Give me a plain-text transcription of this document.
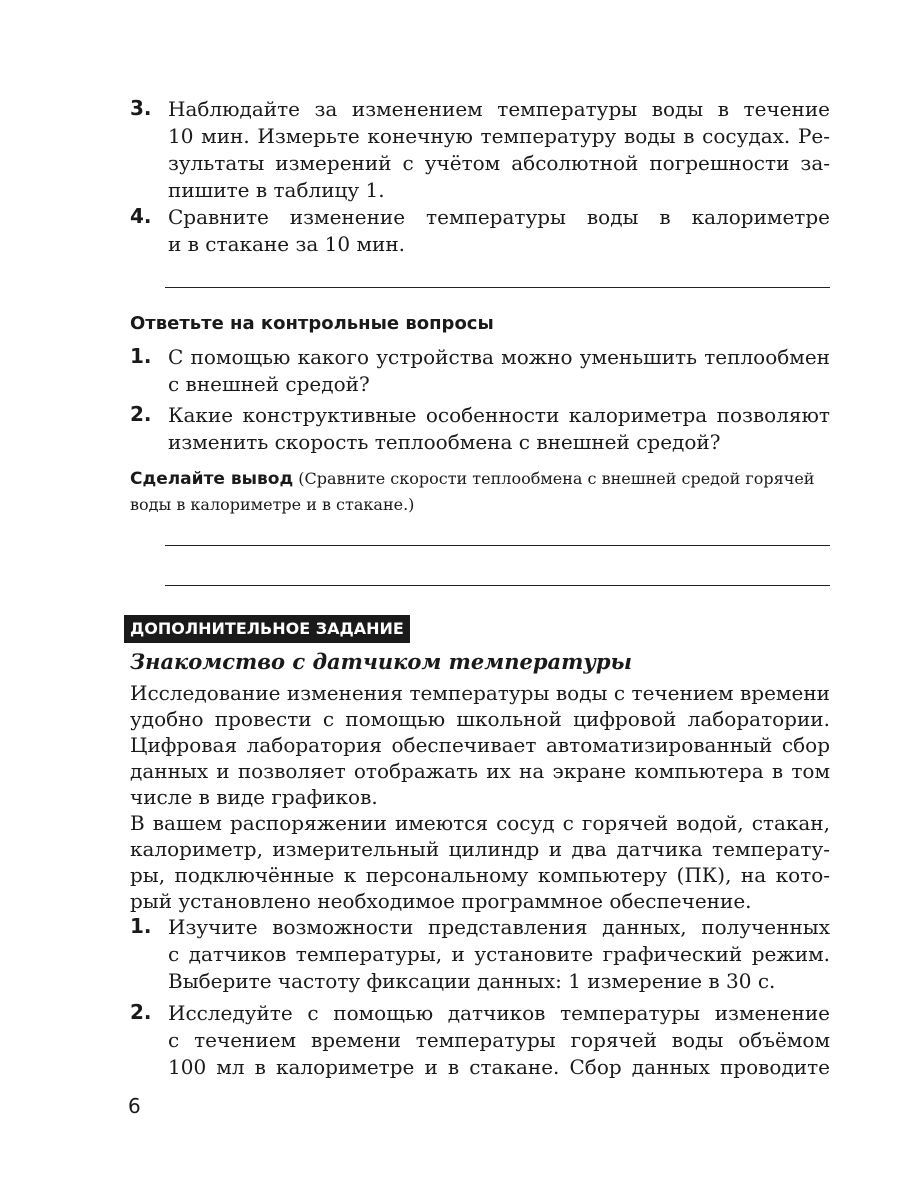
3. Наблюдайте за изменением температуры воды в течение
10 мин. Измерьте конечную температуру воды в сосудах. Ре-
зультаты измерений с учётом абсолютной погрешности за-
пишите в таблицу 1.
4. Сравните изменение температуры воды в калориметре
и в стакане за 10 мин.
Ответьте на контрольные вопросы
1. С помощью какого устройства можно уменьшить теплообмен
с внешней средой?
2. Какие конструктивные особенности калориметра позволяют
изменить скорость теплообмена с внешней средой?
Сделайте вывод (Сравните скорости теплообмена с внешней средой горячей
воды в калориметре и в стакане.)
ДОПОЛНИТЕЛЬНОЕ ЗАДАНИЕ
Знакомство с датчиком температуры
Исследование изменения температуры воды с течением времени
удобно провести с помощью школьной цифровой лаборатории.
Цифровая лаборатория обеспечивает автоматизированный сбор
данных и позволяет отображать их на экране компьютера в том
числе в виде графиков.
В вашем распоряжении имеются сосуд с горячей водой, стакан,
калориметр, измерительный цилиндр и два датчика температу-
ры, подключённые к персональному компьютеру (ПК), на кото-
рый установлено необходимое программное обеспечение.
1. Изучите возможности представления данных, полученных
с датчиков температуры, и установите графический режим.
Выберите частоту фиксации данных: 1 измерение в 30 с.
2. Исследуйте с помощью датчиков температуры изменение
с течением времени температуры горячей воды объёмом
100 мл в калориметре и в стакане. Сбор данных проводите
6
